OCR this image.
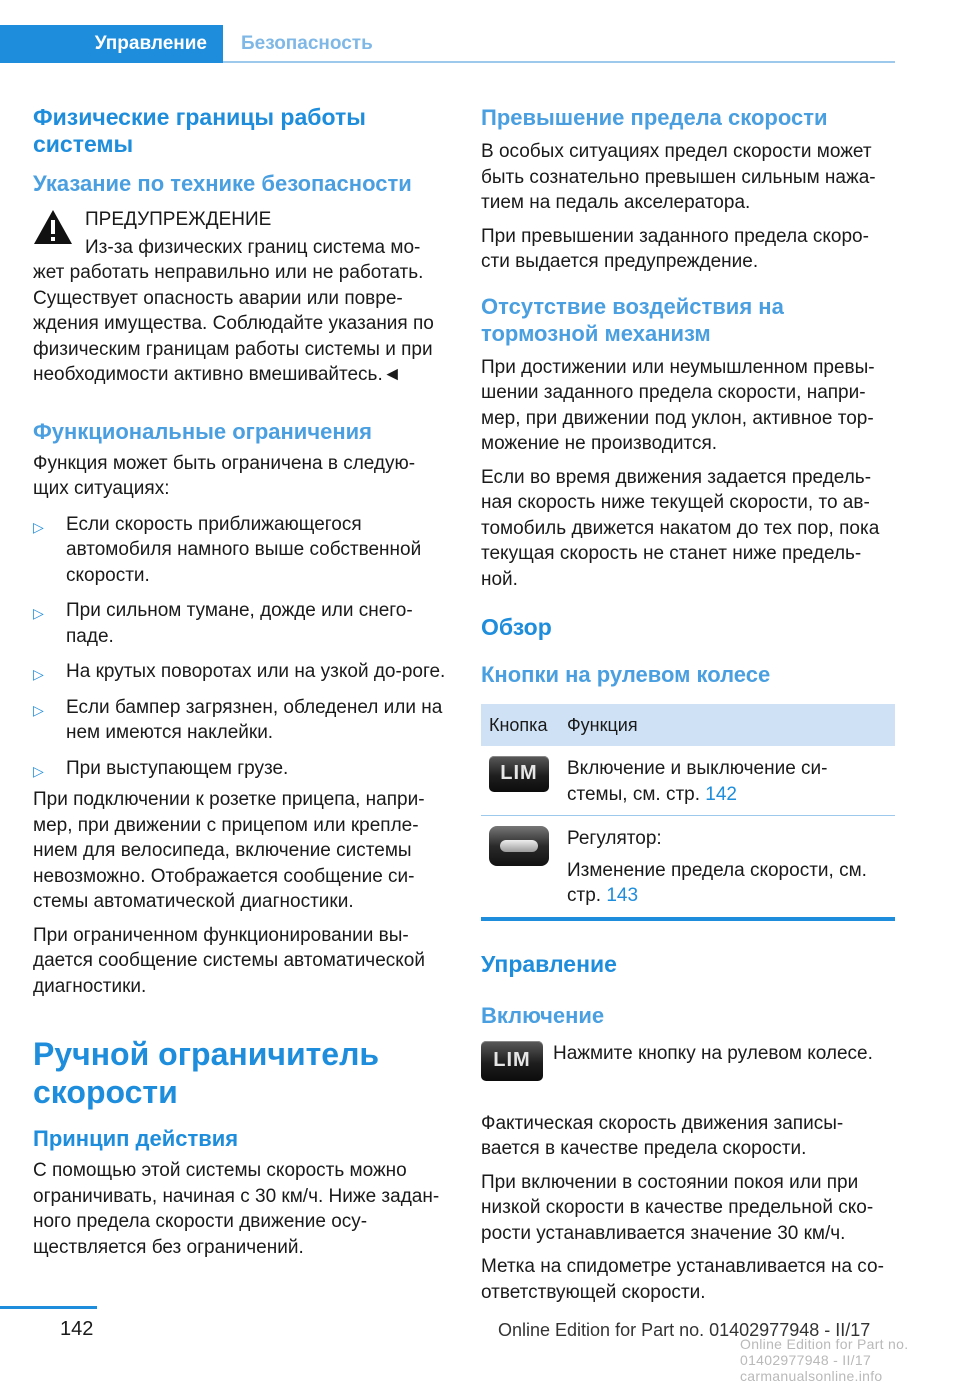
Управление	Безопасность
Физические границы работы системы
Указание по технике безопасности
ПРЕДУПРЕЖДЕНИЕ

Из-за физических границ система мо-жет работать неправильно или не работать. Существует опасность аварии или повре-ждения имущества. Соблюдайте указания по физическим границам работы системы и при необходимости активно вмешивайтесь.◄

Функциональные ограничения

Функция может быть ограничена в следую-щих ситуациях:

▷ Если скорость приближающегося автомобиля намного выше собственной скорости.
▷ При сильном тумане, дожде или снего-паде.
▷ На крутых поворотах или на узкой до-роге.
▷ Если бампер загрязнен, обледенел или на нем имеются наклейки.
▷ При выступающем грузе.

При подключении к розетке прицепа, напри-мер, при движении с прицепом или крепле-нием для велосипеда, включение системы невозможно. Отображается сообщение си-стемы автоматической диагностики.

При ограниченном функционировании вы-дается сообщение системы автоматической диагностики.

Ручной ограничитель скорости
Принцип действия

С помощью этой системы скорость можно ограничивать, начиная с 30 км/ч. Ниже задан-ного предела скорости движение осу-ществляется без ограничений.

Превышение предела скорости

В особых ситуациях предел скорости может быть сознательно превышен сильным нажа-тием на педаль акселератора.

При превышении заданного предела скоро-сти выдается предупреждение.

Отсутствие воздействия на тормозной механизм

При достижении или неумышленном превы-шении заданного предела скорости, напри-мер, при движении под уклон, активное тор-можение не производится.

Если во время движения задается предель-ная скорость ниже текущей скорости, то ав-томобиль движется накатом до тех пор, пока текущая скорость не станет ниже предель-ной.

Обзор
Кнопки на рулевом колесе
Кнопка	Функция

LIM	Включение и выключение си-стемы, см. стр. 142

	Регулятор:
Изменение предела скорости, см. стр. 143
Управление
Включение
LIM	Нажмите кнопку на рулевом колесе.

Фактическая скорость движения записы-вается в качестве предела скорости.

При включении в состоянии покоя или при низкой скорости в качестве предельной ско-рости устанавливается значение 30 км/ч.

Метка на спидометре устанавливается на со-ответствующей скорости.

142	Online Edition for Part no. 01402977948 - II/17
Online Edition for Part no. 01402977948 - II/17 carmanualsonline.info
